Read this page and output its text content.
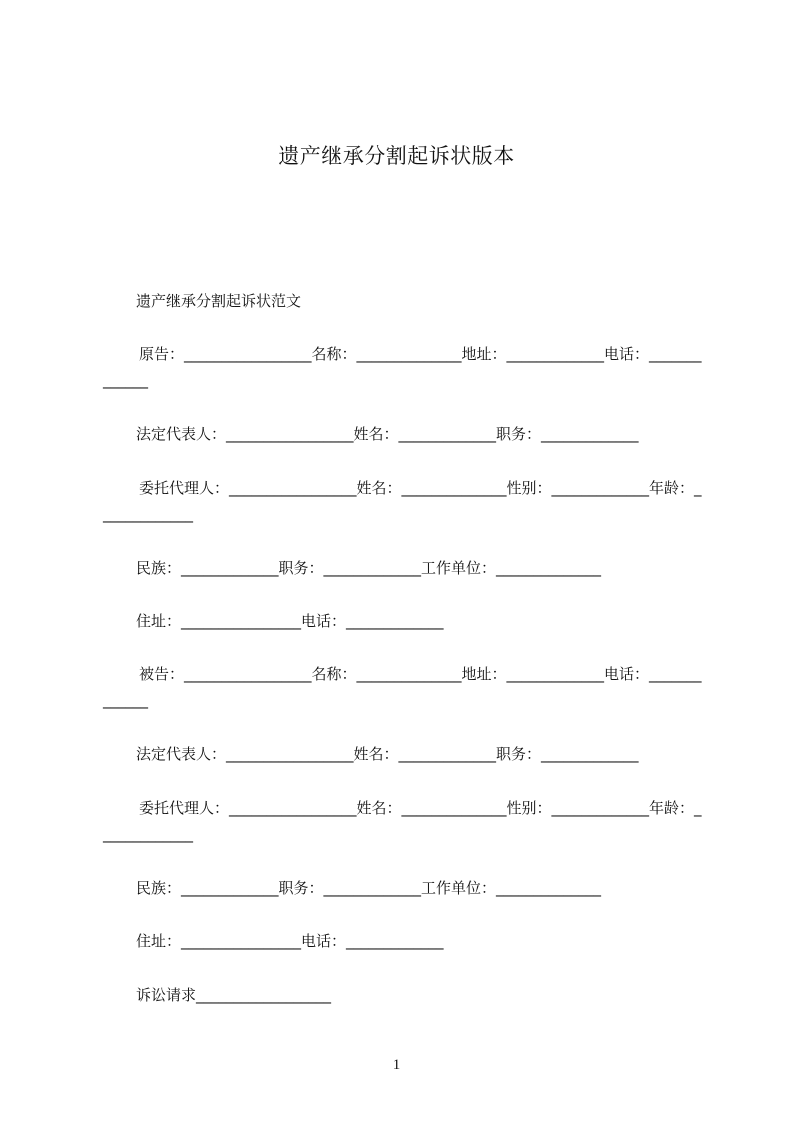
遗产继承分割起诉状版本
遗产继承分割起诉状范文
原告：_________________名称：______________地址：_____________电话：_____________
法定代表人：_________________姓名：_____________职务：_____________
委托代理人：_________________姓名：______________性别：_____________年龄：_____________
民族：_____________职务：_____________工作单位：______________
住址：________________电话：_____________
被告：_________________名称：______________地址：_____________电话：_____________
法定代表人：_________________姓名：_____________职务：_____________
委托代理人：_________________姓名：______________性别：_____________年龄：_____________
民族：_____________职务：_____________工作单位：______________
住址：________________电话：_____________
诉讼请求__________________
1
